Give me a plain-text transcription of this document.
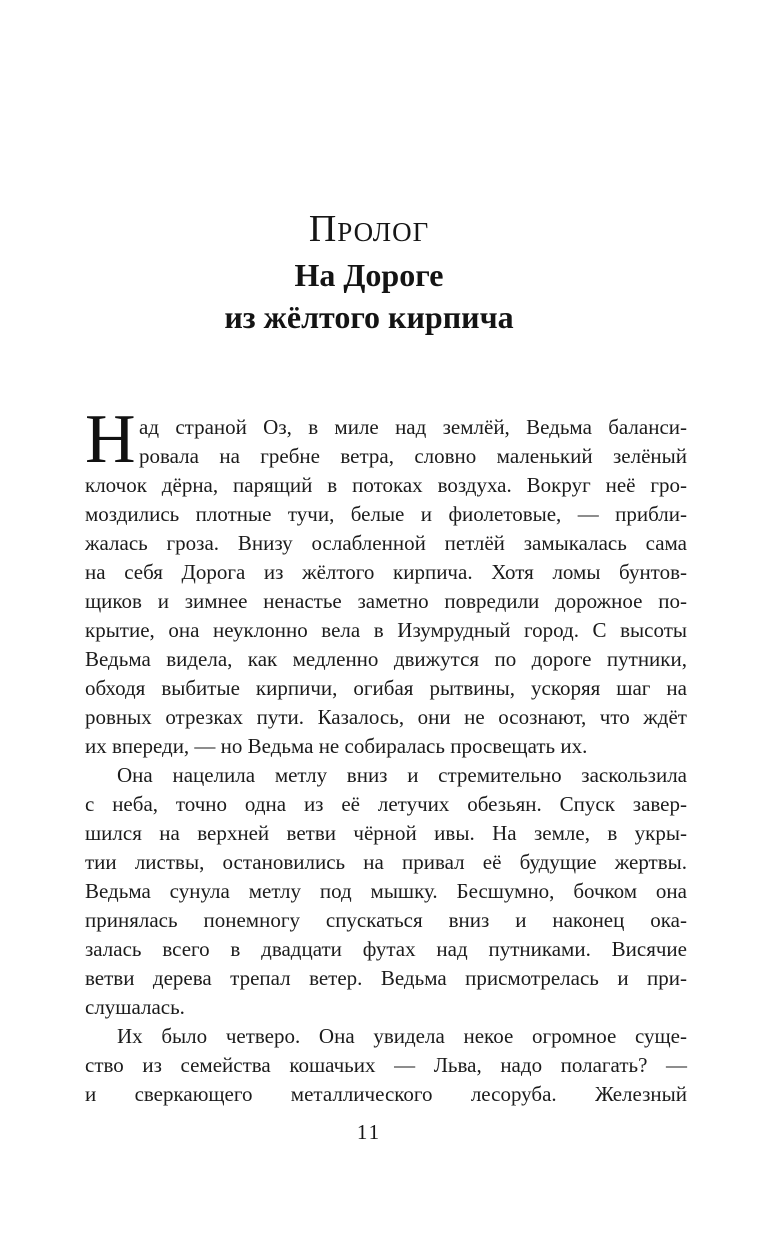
Пролог
На Дороге
из жёлтого кирпича
Н ад страной Оз, в миле над землёй, Ведьма баланси-
ровала на гребне ветра, словно маленький зелёный
клочок дёрна, парящий в потоках воздуха. Вокруг неё гро-
моздились плотные тучи, белые и фиолетовые, — прибли-
жалась гроза. Внизу ослабленной петлёй замыкалась сама
на себя Дорога из жёлтого кирпича. Хотя ломы бунтов-
щиков и зимнее ненастье заметно повредили дорожное по-
крытие, она неуклонно вела в Изумрудный город. С высоты
Ведьма видела, как медленно движутся по дороге путники,
обходя выбитые кирпичи, огибая рытвины, ускоряя шаг на
ровных отрезках пути. Казалось, они не осознают, что ждёт
их впереди, — но Ведьма не собиралась просвещать их.
Она нацелила метлу вниз и стремительно заскользила
с неба, точно одна из её летучих обезьян. Спуск завер-
шился на верхней ветви чёрной ивы. На земле, в укры-
тии листвы, остановились на привал её будущие жертвы.
Ведьма сунула метлу под мышку. Бесшумно, бочком она
принялась понемногу спускаться вниз и наконец ока-
залась всего в двадцати футах над путниками. Висячие
ветви дерева трепал ветер. Ведьма присмотрелась и при-
слушалась.
Их было четверо. Она увидела некое огромное суще-
ство из семейства кошачьих — Льва, надо полагать? —
и сверкающего металлического лесоруба. Железный
11
